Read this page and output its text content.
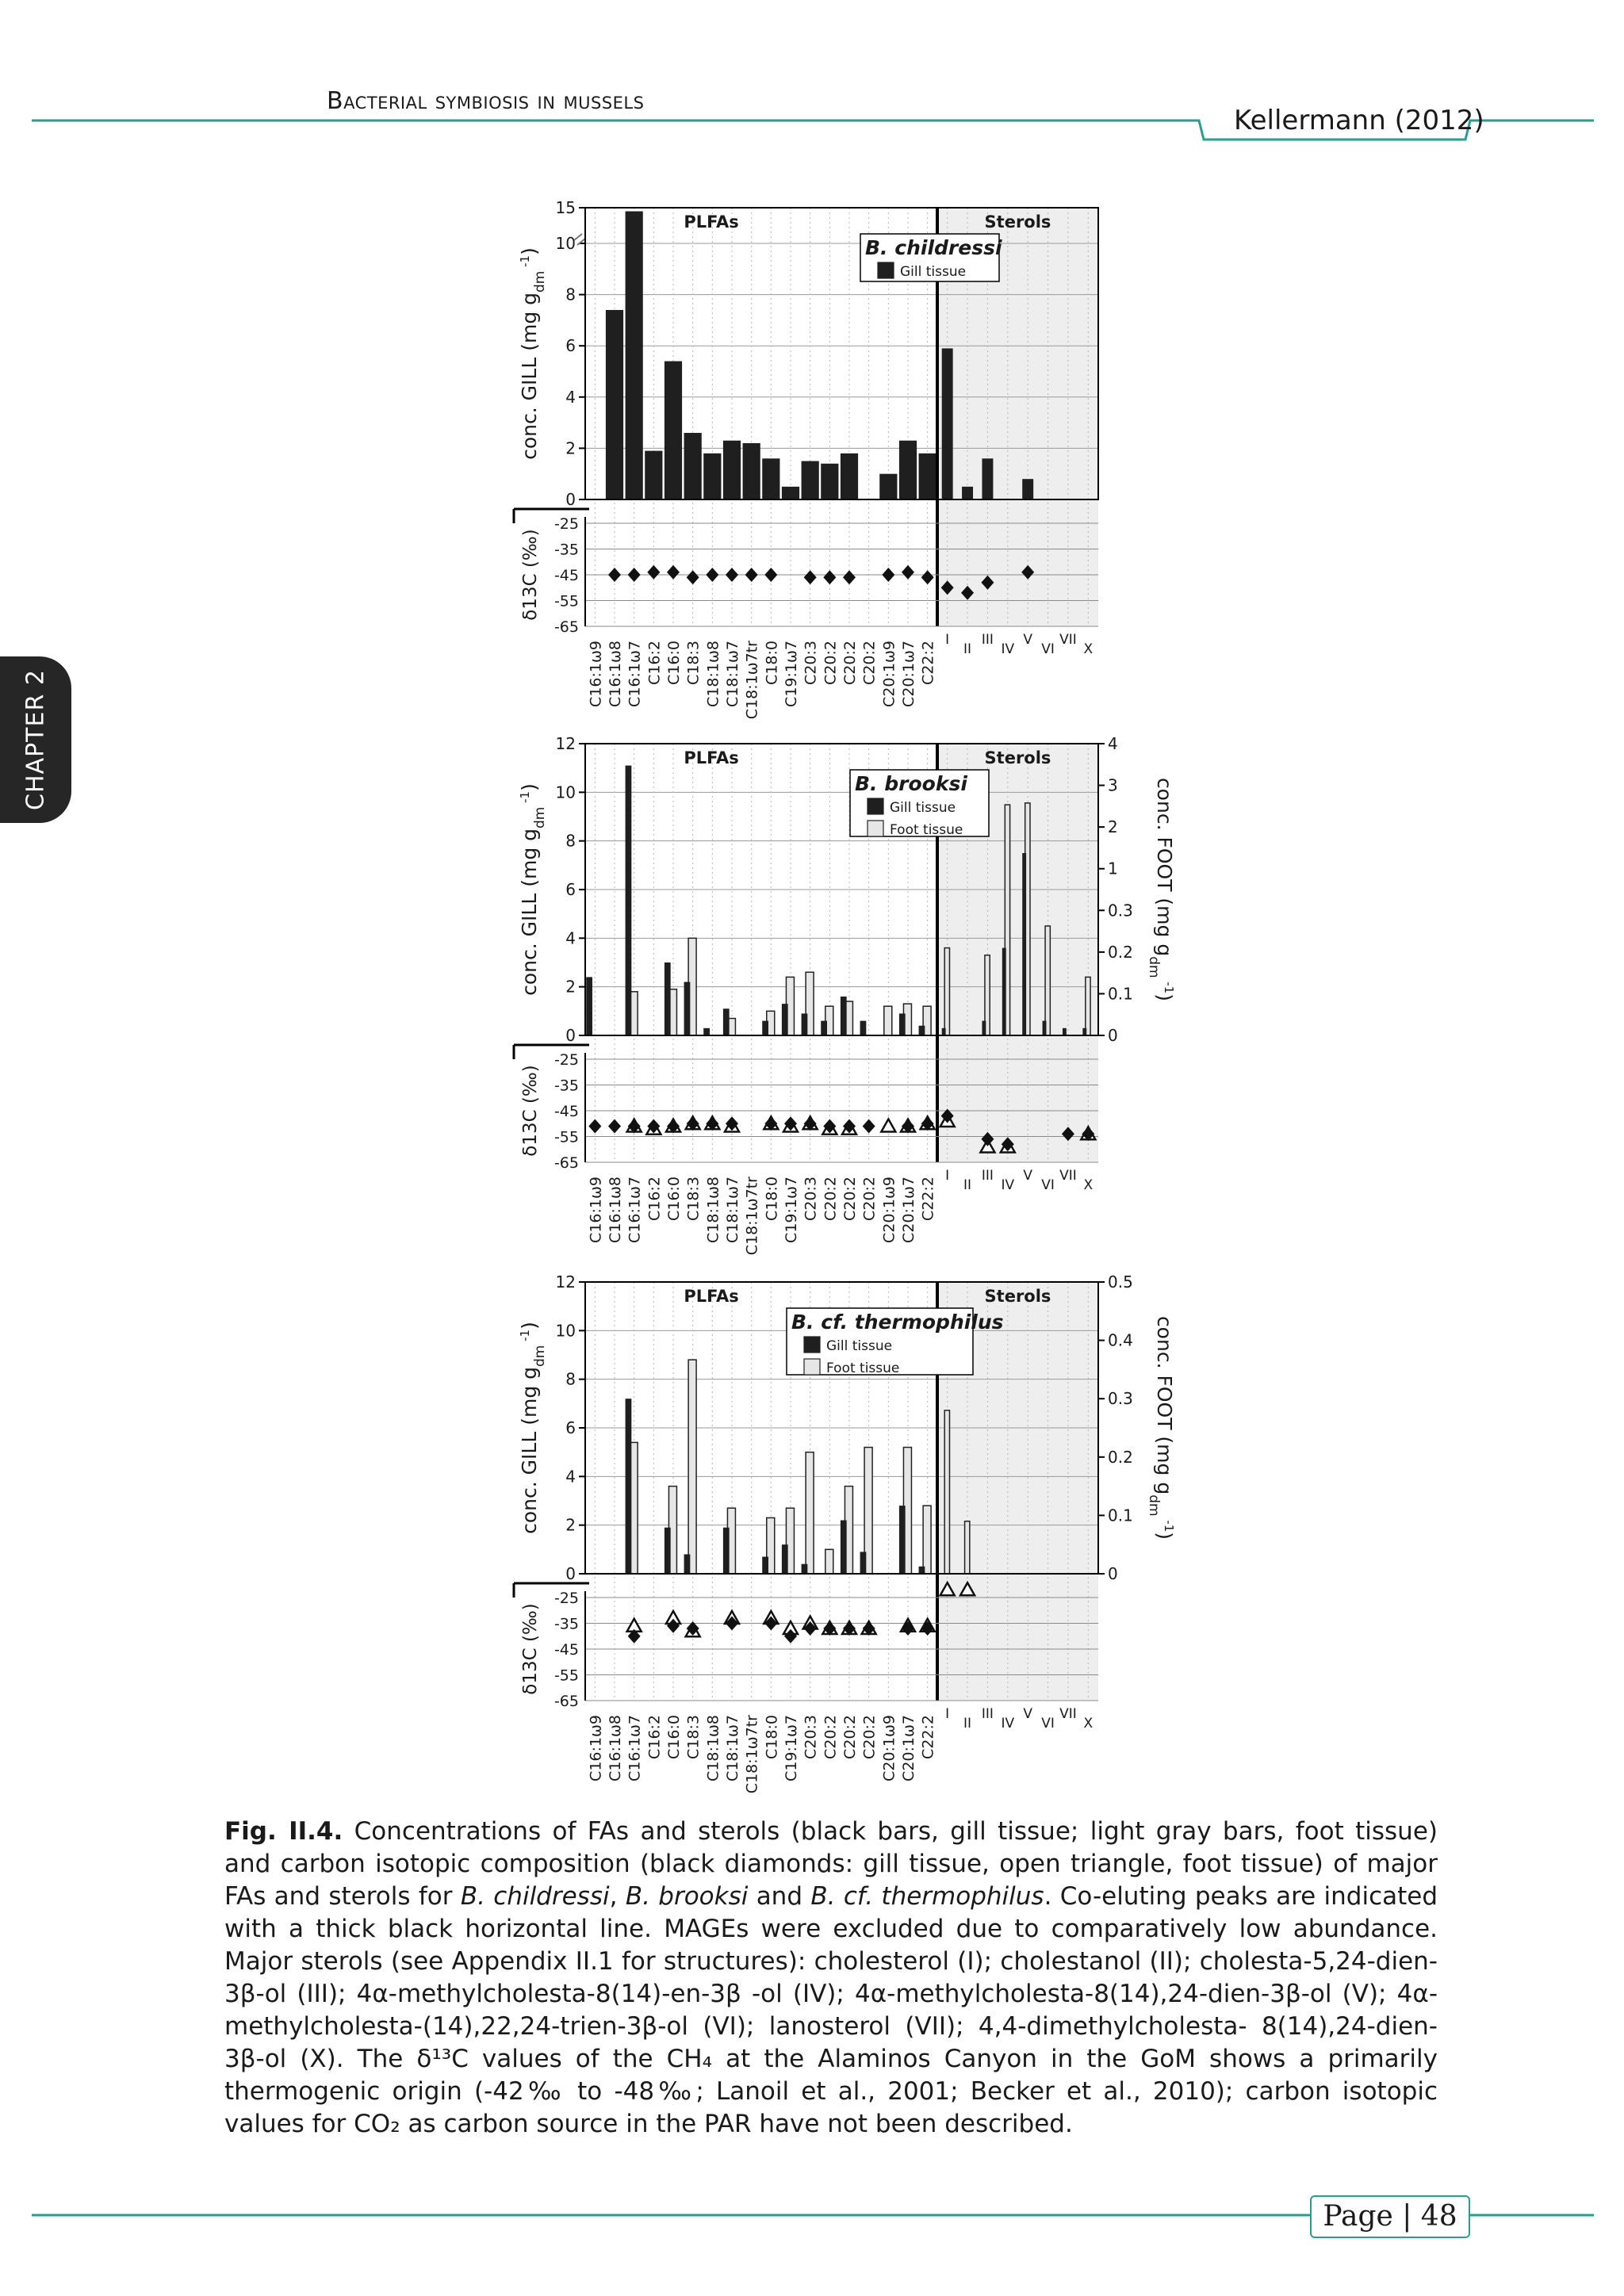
Bacterial symbiosis in mussels
Kellermann (2012)
CHAPTER 2
0
2
4
6
8
10
15
PLFAs	Sterols
B. childressi
Gill tissue
conc. GILL (mg $g_{dm}$ $^{-1}$)
-25
-35
-45
-55
-65
δ13C (‰)
C16:1ω9 C16:1ω8 C16:1ω7 C16:2 C16:0 C18:3 C18:1ω8 C18:1ω7 C18:1ω7tr C18:0 C19:1ω7 C20:3 C20:2 C20:2 C20:2 C20:1ω9 C20:1ω7 C22:2
I
II
III
IV
V
VI
VII
X
0
2
4
6
8
10
12
0
0.1
0.2
0.3
1
2
3
4
PLFAs	Sterols
B. brooksi
Gill tissue
Foot tissue
conc. GILL (mg $g_{dm}$ $^{-1}$)	conc. FOOT (mg $g_{dm}$ $^{-1}$)
-25
-35
-45
-55
-65
δ13C (‰)
C16:1ω9 C16:1ω8 C16:1ω7 C16:2 C16:0 C18:3 C18:1ω8 C18:1ω7 C18:1ω7tr C18:0 C19:1ω7 C20:3 C20:2 C20:2 C20:2 C20:1ω9 C20:1ω7 C22:2
I
II
III
IV
V
VI
VII
X
0
2
4
6
8
10
12
0
0.1
0.2
0.3
0.4
0.5
PLFAs	Sterols
B. cf. thermophilus
Gill tissue
Foot tissue
conc. GILL (mg $g_{dm}$ $^{-1}$)	conc. FOOT (mg $g_{dm}$ $^{-1}$)
-25
-35
-45
-55
-65
δ13C (‰)
C16:1ω9 C16:1ω8 C16:1ω7 C16:2 C16:0 C18:3 C18:1ω8 C18:1ω7 C18:1ω7tr C18:0 C19:1ω7 C20:3 C20:2 C20:2 C20:2 C20:1ω9 C20:1ω7 C22:2
I
II
III
IV
V
VI
VII
X

Fig. II.4. Concentrations of FAs and sterols (black bars, gill tissue; light gray bars, foot tissue) and carbon isotopic composition (black diamonds: gill tissue, open triangle, foot tissue) of major FAs and sterols for B. childressi, B. brooksi and B. cf. thermophilus. Co-eluting peaks are indicated with a thick black horizontal line. MAGEs were excluded due to comparatively low abundance. Major sterols (see Appendix II.1 for structures): cholesterol (I); cholestanol (II); cholesta-5,24-dien-3β-ol (III); 4α-methylcholesta-8(14)-en-3β -ol (IV); 4α-methylcholesta-8(14),24-dien-3β-ol (V); 4α-methylcholesta-(14),22,24-trien-3β-ol (VI); lanosterol (VII); 4,4-dimethylcholesta- 8(14),24-dien-3β-ol (X). The δ¹³C values of the CH₄ at the Alaminos Canyon in the GoM shows a primarily thermogenic origin (-42‰ to -48‰; Lanoil et al., 2001; Becker et al., 2010); carbon isotopic values for CO₂ as carbon source in the PAR have not been described.

Page | 48
